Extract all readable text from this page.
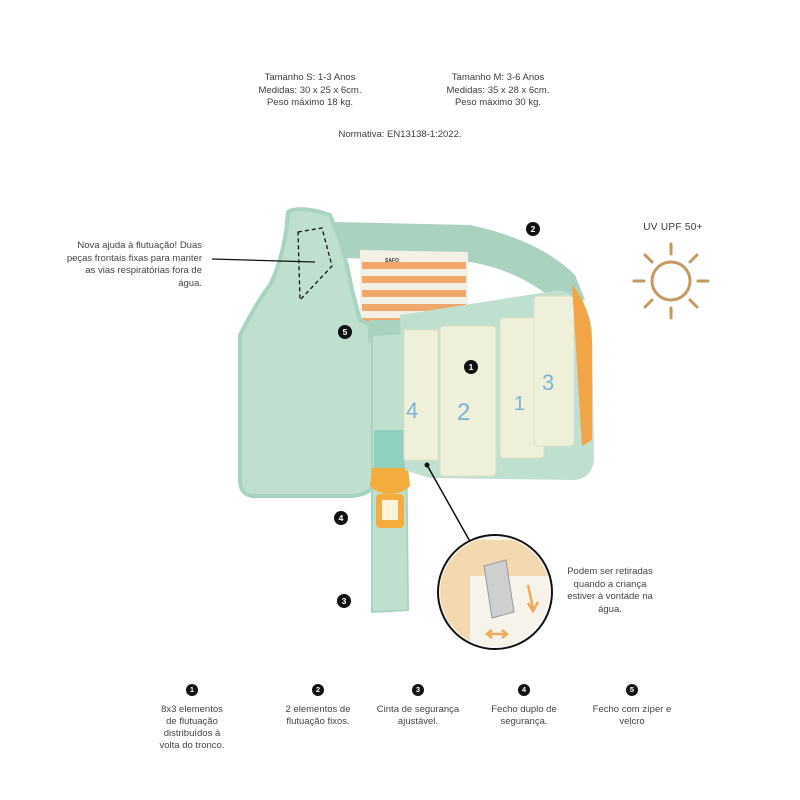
4 2 1
3
SAFO
Tamanho S: 1-3 Anos
Medidas: 30 x 25 x 6cm.
Peso máximo 18 kg.
Tamanho M: 3-6 Anos
Medidas: 35 x 28 x 6cm.
Peso máximo 30 kg.
Normativa: EN13138-1:2022.
Nova ajuda à flutuação! Duas peças frontais fixas para manter as vias respiratórias fora de água.
UV UPF 50+
Podem ser retiradas quando a criança estiver à vontade na água.
1
2
3
4
5
1
8x3 elementos de flutuação distribuídos à volta do tronco.
2
2 elementos de flutuação fixos.
3
Cinta de segurança ajustável.
4
Fecho duplo de segurança.
5
Fecho com zíper e velcro
